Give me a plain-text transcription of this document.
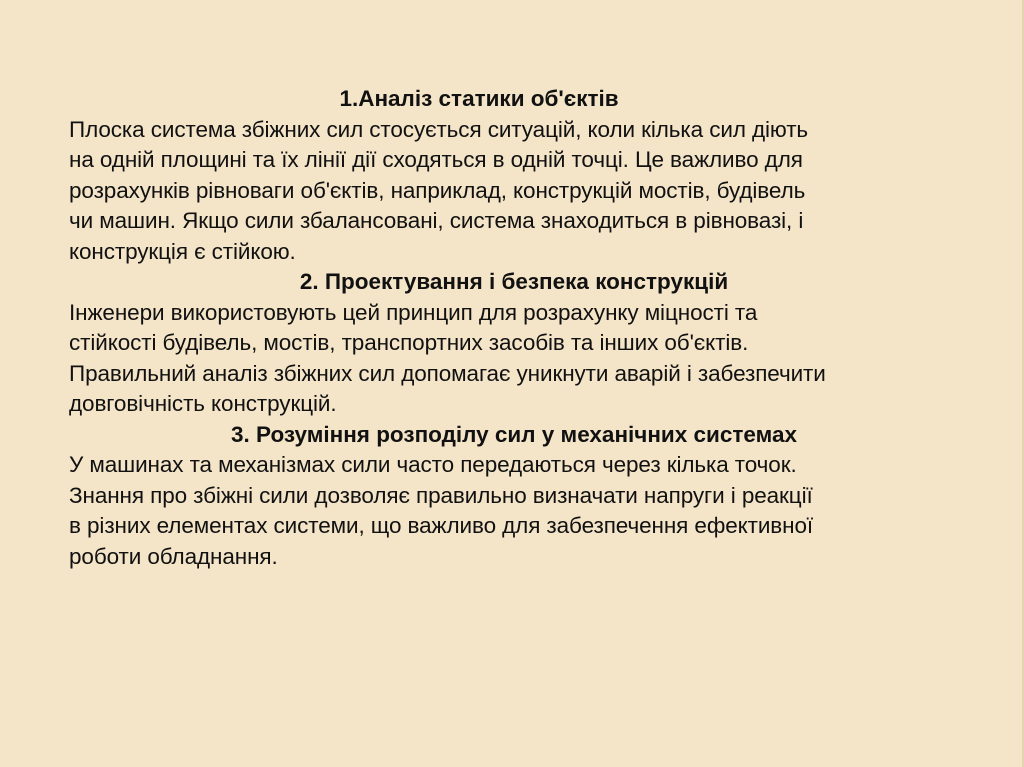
1.Аналіз статики об'єктів

Плоска система збіжних сил стосується ситуацій, коли кілька сил діють

на одній площині та їх лінії дії сходяться в одній точці. Це важливо для

розрахунків рівноваги об'єктів, наприклад, конструкцій мостів, будівель

чи машин. Якщо сили збалансовані, система знаходиться в рівновазі, і

конструкція є стійкою.

2. Проектування і безпека конструкцій

Інженери використовують цей принцип для розрахунку міцності та

стійкості будівель, мостів, транспортних засобів та інших об'єктів.

Правильний аналіз збіжних сил допомагає уникнути аварій і забезпечити

довговічність конструкцій.

3. Розуміння розподілу сил у механічних системах

У машинах та механізмах сили часто передаються через кілька точок.

Знання про збіжні сили дозволяє правильно визначати напруги і реакції

в різних елементах системи, що важливо для забезпечення ефективної

роботи обладнання.
